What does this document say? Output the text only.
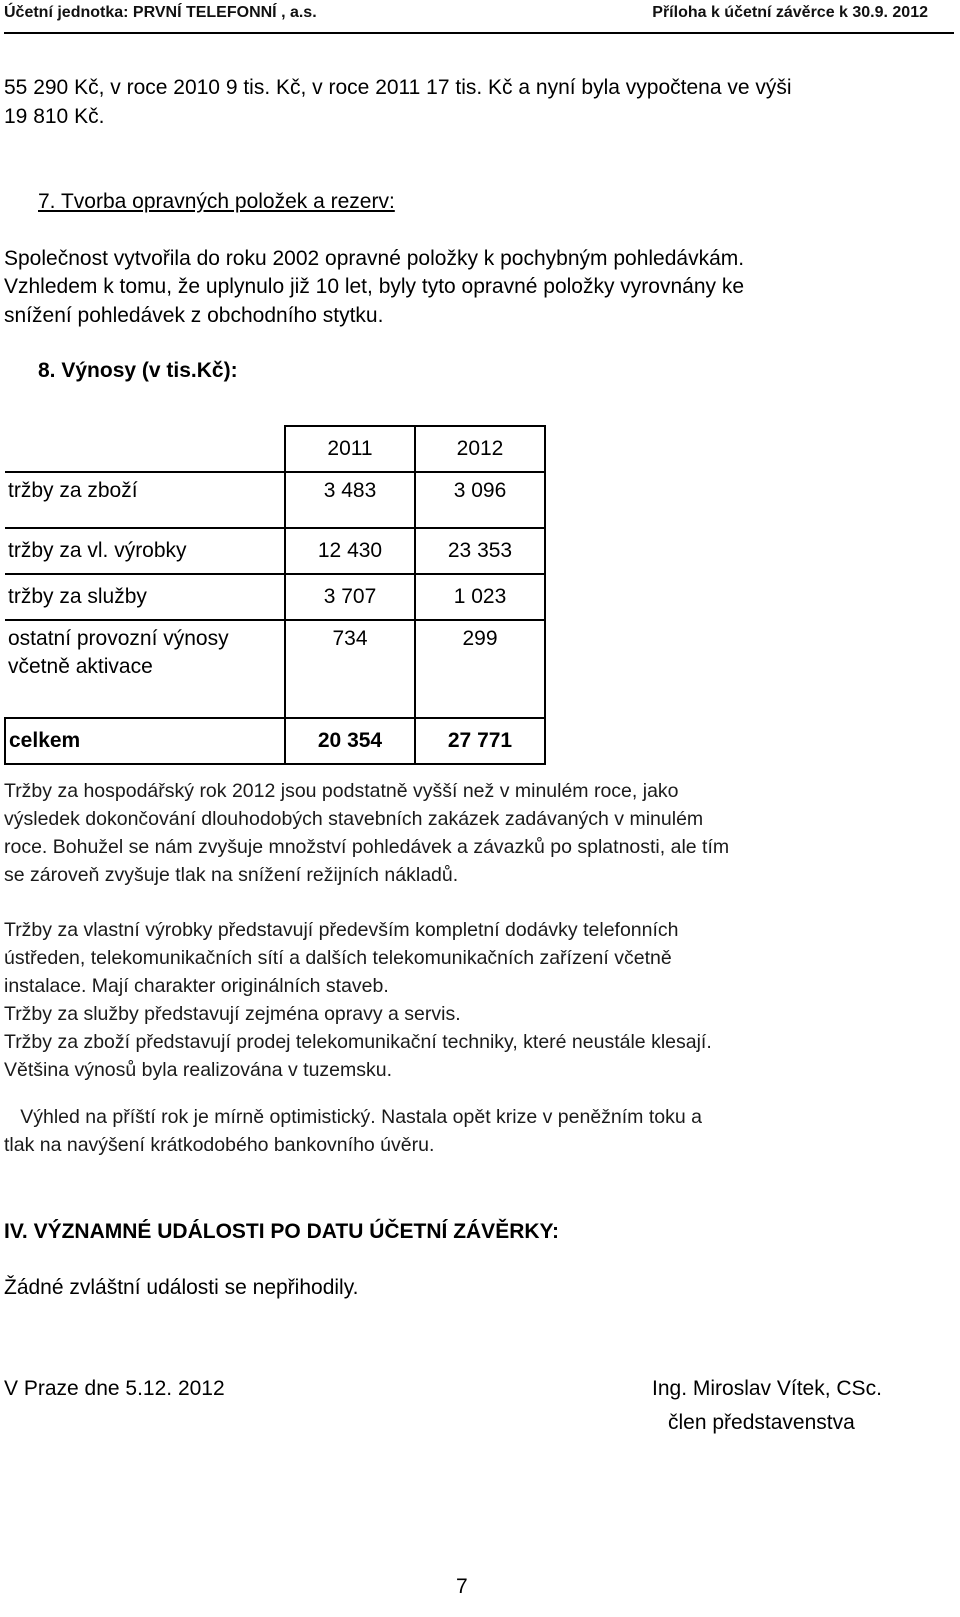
Účetní jednotka: PRVNÍ TELEFONNÍ , a.s.	Příloha k účetní závěrce k 30.9. 2012
55 290 Kč, v roce 2010 9 tis. Kč, v roce 2011 17 tis. Kč a nyní byla vypočtena ve výši
19 810 Kč.
7. Tvorba opravných položek a rezerv:
Společnost vytvořila do roku 2002 opravné položky k pochybným pohledávkám.
Vzhledem k tomu, že uplynulo již 10 let, byly tyto opravné položky vyrovnány ke
snížení pohledávek z obchodního stytku.
8. Výnosy (v tis.Kč):
	2011	2012
tržby za zboží	3 483	3 096
tržby za vl. výrobky	12 430	23 353
tržby za služby	3 707	1 023

ostatní provozní výnosy
včetně aktivace	734	299
celkem	20 354	27 771
Tržby za hospodářský rok 2012 jsou podstatně vyšší než v minulém roce, jako
výsledek dokončování dlouhodobých stavebních zakázek zadávaných v minulém
roce. Bohužel se nám zvyšuje množství pohledávek a závazků po splatnosti, ale tím
se zároveň zvyšuje tlak na snížení režijních nákladů.
Tržby za vlastní výrobky představují především kompletní dodávky telefonních
ústředen, telekomunikačních sítí a dalších telekomunikačních zařízení včetně
instalace. Mají charakter originálních staveb.
Tržby za služby představují zejména opravy a servis.
Tržby za zboží představují prodej telekomunikační techniky, které neustále klesají.
Většina výnosů byla realizována v tuzemsku.
Výhled na příští rok je mírně optimistický. Nastala opět krize v peněžním toku a
tlak na navýšení krátkodobého bankovního úvěru.
IV. VÝZNAMNÉ UDÁLOSTI PO DATU ÚČETNÍ ZÁVĚRKY:
Žádné zvláštní události se nepřihodily.
V Praze dne 5.12. 2012	Ing. Miroslav Vítek, CSc.
člen představenstva
7
